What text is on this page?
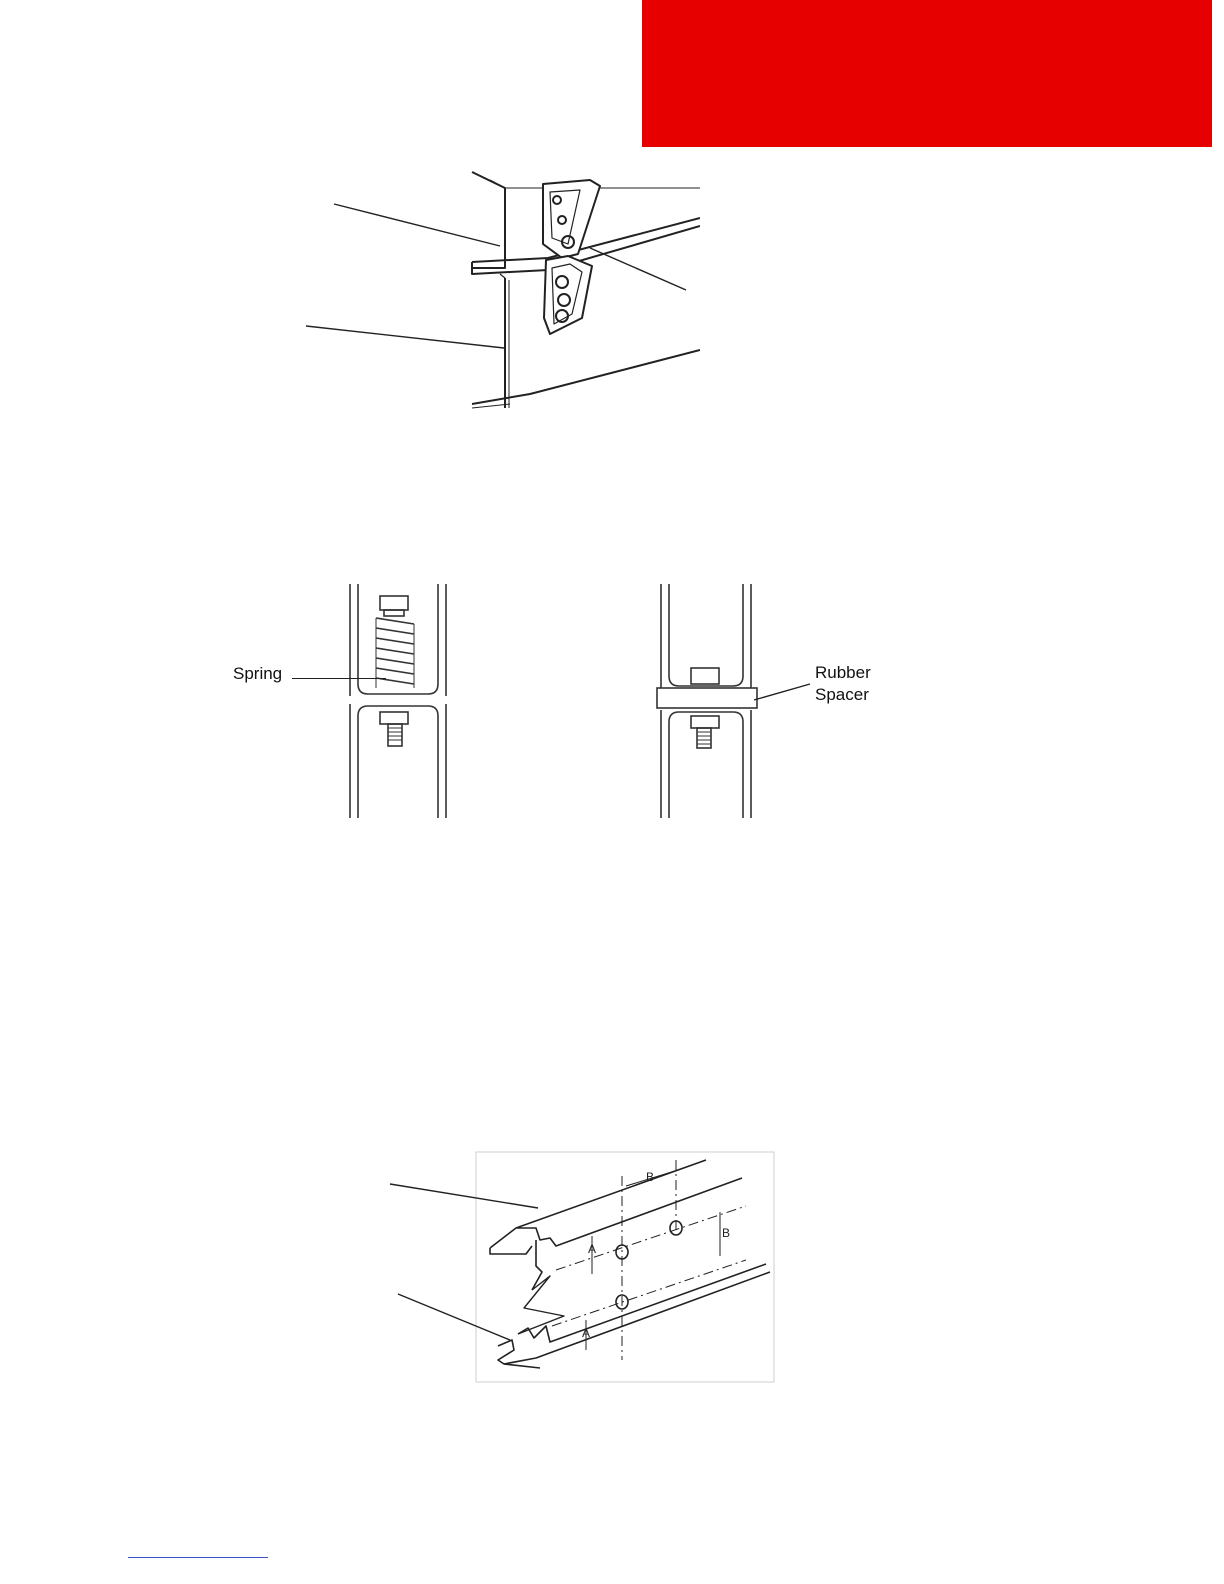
Spring	Rubber
Spacer
A
A
B
B
